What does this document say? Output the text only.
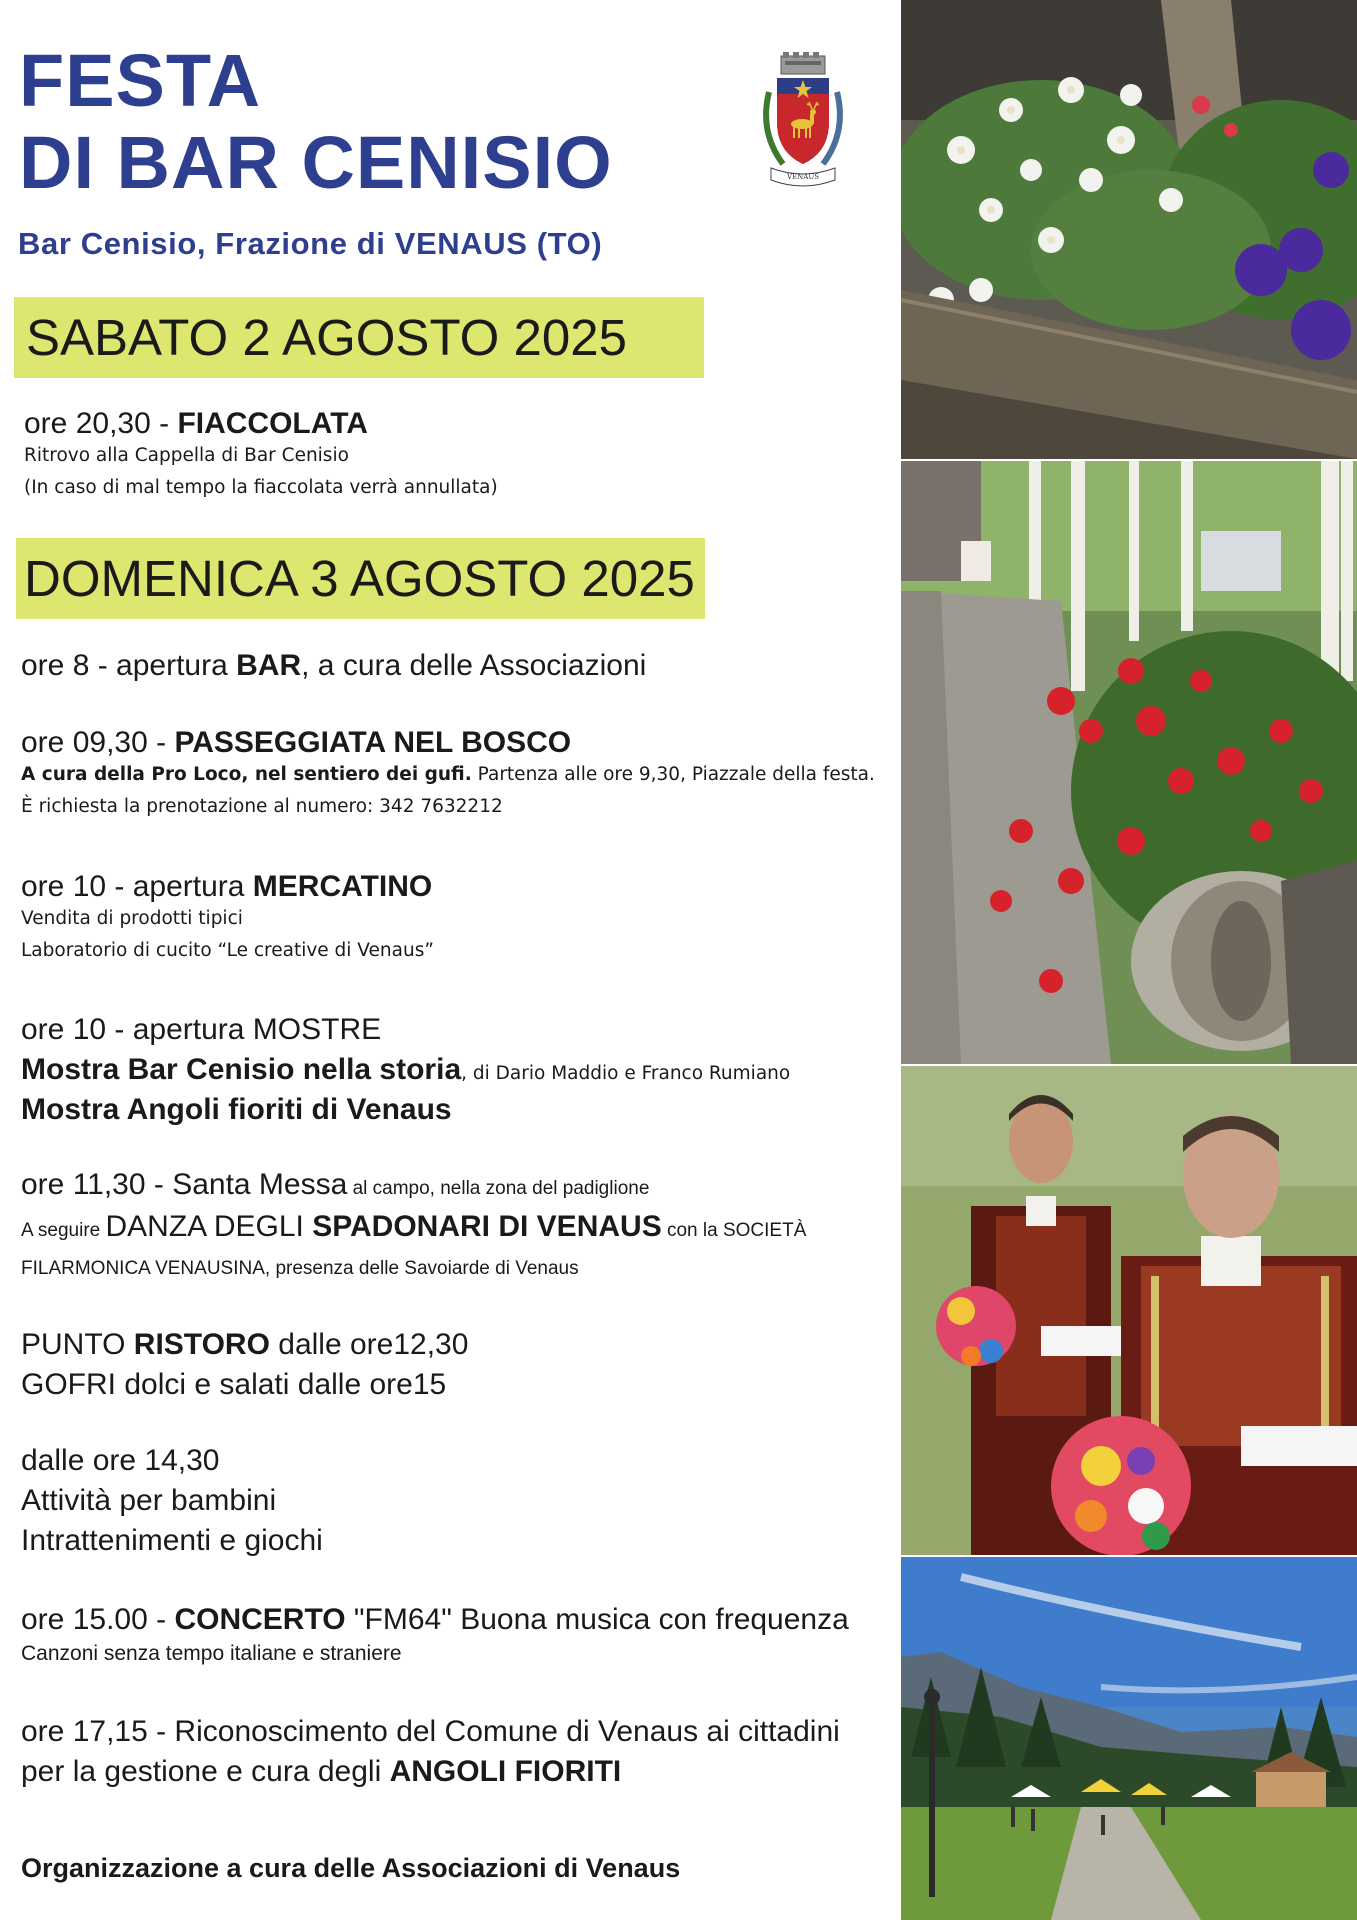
FESTA
DI BAR CENISIO
Bar Cenisio, Frazione di VENAUS (TO)
VENAUS
SABATO 2 AGOSTO 2025
ore 20,30 - FIACCOLATA
Ritrovo alla Cappella di Bar Cenisio
(In caso di mal tempo la fiaccolata verrà annullata)
DOMENICA 3 AGOSTO 2025
ore 8 - apertura BAR, a cura delle Associazioni
ore 09,30 - PASSEGGIATA NEL BOSCO
A cura della Pro Loco, nel sentiero dei gufi. Partenza alle ore 9,30, Piazzale della festa.
È richiesta la prenotazione al numero: 342 7632212
ore 10 - apertura MERCATINO
Vendita di prodotti tipici
Laboratorio di cucito “Le creative di Venaus”
ore 10 - apertura MOSTRE
Mostra Bar Cenisio nella storia, di Dario Maddio e Franco Rumiano
Mostra Angoli fioriti di Venaus
ore 11,30 - Santa Messa al campo, nella zona del padiglione
A seguire DANZA DEGLI SPADONARI DI VENAUS con la SOCIETÀ
FILARMONICA VENAUSINA, presenza delle Savoiarde di Venaus
PUNTO RISTORO dalle ore12,30
GOFRI dolci e salati dalle ore15
dalle ore 14,30
Attività per bambini
Intrattenimenti e giochi
ore 15.00 - CONCERTO "FM64" Buona musica con frequenza
Canzoni senza tempo italiane e straniere
ore 17,15 - Riconoscimento del Comune di Venaus ai cittadini
per la gestione e cura degli ANGOLI FIORITI
Organizzazione a cura delle Associazioni di Venaus
